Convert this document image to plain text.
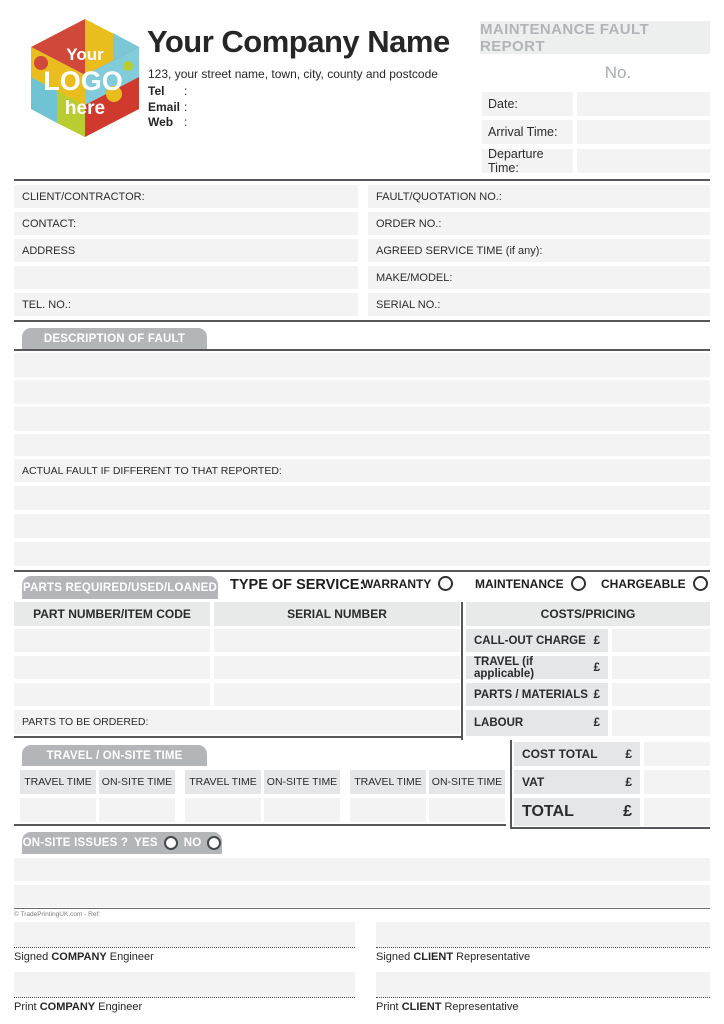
Your
LOGO
here
Your Company Name
123, your street name, town, city, county and postcode
Tel :
Email :
Web :
MAINTENANCE FAULT REPORT
No.
Date:
Arrival Time:
Departure Time:
CLIENT/CONTRACTOR:
CONTACT:
ADDRESS
TEL. NO.:
FAULT/QUOTATION NO.:
ORDER NO.:
AGREED SERVICE TIME (if any):
MAKE/MODEL:
SERIAL NO.:
DESCRIPTION OF FAULT
ACTUAL FAULT IF DIFFERENT TO THAT REPORTED:
PARTS REQUIRED/USED/LOANED TYPE OF SERVICE:
WARRANTY	MAINTENANCE	CHARGEABLE
PART NUMBER/ITEM CODE	SERIAL NUMBER	COSTS/PRICING
CALL-OUT CHARGE £
TRAVEL (if applicable)	£
PARTS / MATERIALS £
PARTS TO BE ORDERED:	LABOUR	£
TRAVEL / ON-SITE TIME
TRAVEL TIME ON-SITE TIME	TRAVEL TIME ON-SITE TIME	TRAVEL TIME ON-SITE TIME
COST TOTAL £
VAT	£
TOTAL	£
ON-SITE ISSUES ? YES NO
© TradePrintingUK.com - Ref:
Signed COMPANY Engineer	Signed CLIENT Representative
Print COMPANY Engineer	Print CLIENT Representative
